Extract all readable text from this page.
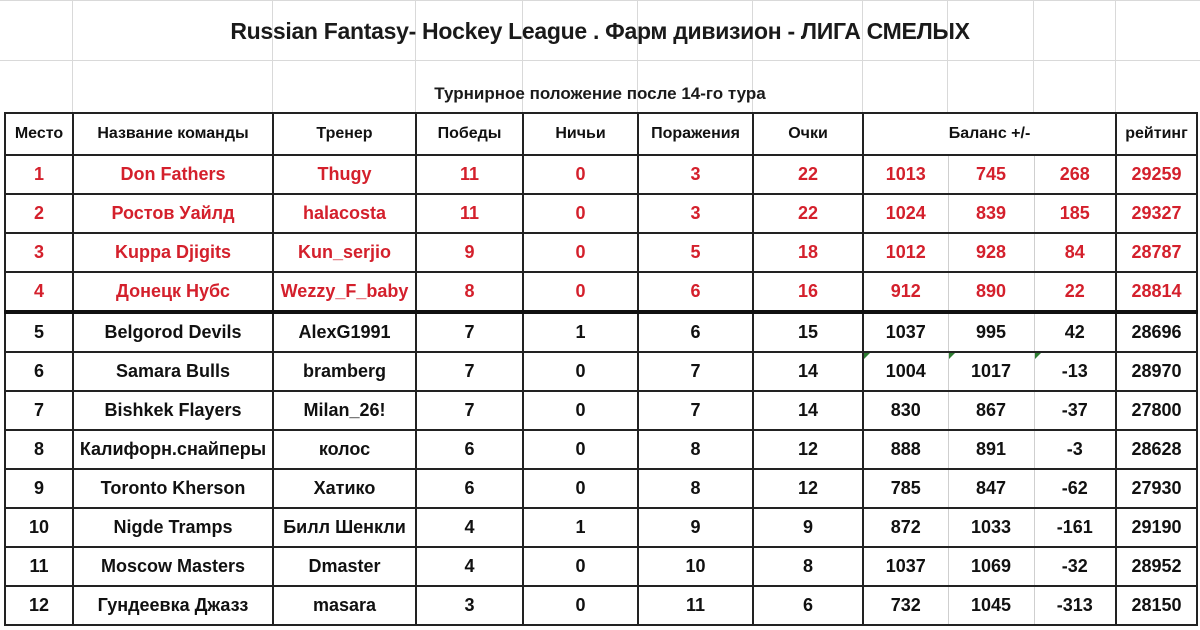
Russian Fantasy- Hockey League . Фарм дивизион - ЛИГА СМЕЛЫХ
Турнирное положение после 14-го тура
Место	Название команды	Тренер	Победы	Ничьи	Поражения	Очки	Баланс +/-			рейтинг
1	Don Fathers	Thugy	11	0	3	22	1013	745	268	29259
2	Ростов Уайлд	halacosta	11	0	3	22	1024	839	185	29327
3	Kuppa Djigits	Kun_serjio	9	0	5	18	1012	928	84	28787
4	Донецк Нубс	Wezzy_F_baby	8	0	6	16	912	890	22	28814
5	Belgorod Devils	AlexG1991	7	1	6	15	1037	995	42	28696
6	Samara Bulls	bramberg	7	0	7	14	1004	1017	-13	28970
7	Bishkek Flayers	Milan_26!	7	0	7	14	830	867	-37	27800
8	Калифорн.снайперы	колос	6	0	8	12	888	891	-3	28628
9	Toronto Kherson	Хатико	6	0	8	12	785	847	-62	27930
10	Nigde Tramps	Билл Шенкли	4	1	9	9	872	1033	-161	29190
11	Moscow Masters	Dmaster	4	0	10	8	1037	1069	-32	28952
12	Гундеевка Джазз	masara	3	0	11	6	732	1045	-313	28150
